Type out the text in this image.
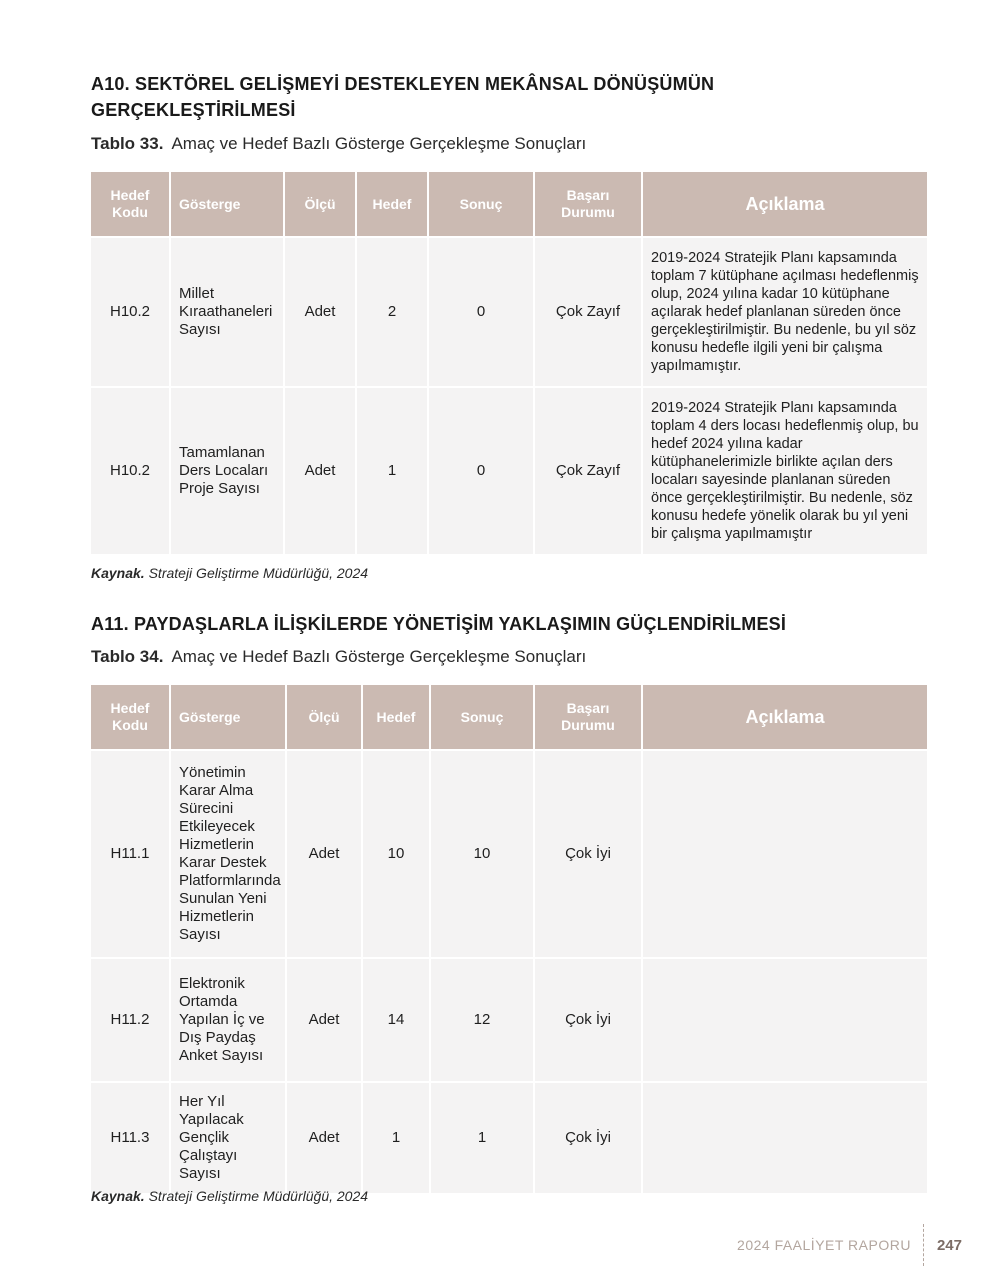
A10. SEKTÖREL GELİŞMEYİ DESTEKLEYEN MEKÂNSAL DÖNÜŞÜMÜN
GERÇEKLEŞTİRİLMESİ

Tablo 33. Amaç ve Hedef Bazlı Gösterge Gerçekleşme Sonuçları

Hedef Kodu	Gösterge	Ölçü	Hedef	Sonuç	Başarı Durumu	Açıklama
H10.2	Millet Kıraathaneleri Sayısı	Adet	2	0	Çok Zayıf	2019-2024 Stratejik Planı kapsamında toplam 7 kütüphane açılması hedeflenmiş olup, 2024 yılına kadar 10 kütüphane açılarak hedef planlanan süreden önce gerçekleştirilmiştir. Bu nedenle, bu yıl söz konusu hedefle ilgili yeni bir çalışma yapılmamıştır.
H10.2	Tamamlanan Ders Locaları Proje Sayısı	Adet	1	0	Çok Zayıf	2019-2024 Stratejik Planı kapsamında toplam 4 ders locası hedeflenmiş olup, bu hedef 2024 yılına kadar kütüphanelerimizle birlikte açılan ders locaları sayesinde planlanan süreden önce gerçekleştirilmiştir. Bu nedenle, söz konusu hedefe yönelik olarak bu yıl yeni bir çalışma yapılmamıştır

Kaynak. Strateji Geliştirme Müdürlüğü, 2024

A11. PAYDAŞLARLA İLİŞKİLERDE YÖNETİŞİM YAKLAŞIMIN GÜÇLENDİRİLMESİ

Tablo 34. Amaç ve Hedef Bazlı Gösterge Gerçekleşme Sonuçları

Hedef Kodu	Gösterge	Ölçü	Hedef	Sonuç	Başarı Durumu	Açıklama
H11.1	Yönetimin Karar Alma Sürecini Etkileyecek Hizmetlerin Karar Destek Platformlarında Sunulan Yeni Hizmetlerin Sayısı	Adet	10	10	Çok İyi	
H11.2	Elektronik Ortamda Yapılan İç ve Dış Paydaş Anket Sayısı	Adet	14	12	Çok İyi	
H11.3	Her Yıl Yapılacak Gençlik Çalıştayı Sayısı	Adet	1	1	Çok İyi	

Kaynak. Strateji Geliştirme Müdürlüğü, 2024

2024 FAALİYET RAPORU 247
